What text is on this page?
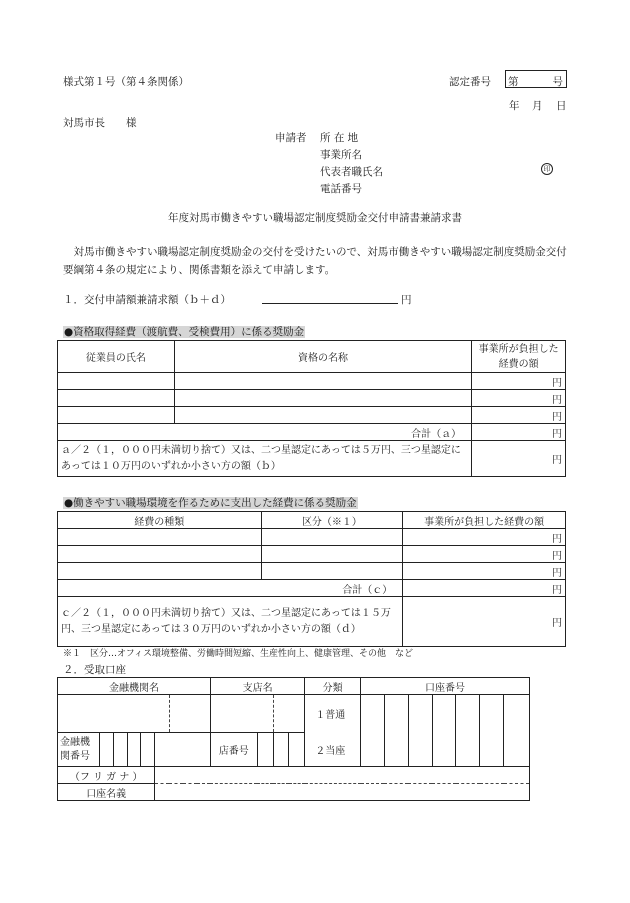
様式第１号（第４条関係）	認定番号 第	号
年 月 日
対馬市長　　様
申請者 所 在 地
事業所名
代表者職氏名	印
電話番号
年度対馬市働きやすい職場認定制度奨励金交付申請書兼請求書
　対馬市働きやすい職場認定制度奨励金の交付を受けたいので、対馬市働きやすい職場認定制度奨励金交付要綱第４条の規定により、関係書類を添えて申請します。
１．交付申請額兼請求額（ｂ＋ｄ）	円
●資格取得経費（渡航費、受検費用）に係る奨励金
従業員の氏名	資格の名称	事業所が負担した経費の額
		円
		円
		円
合計（ａ）		円
ａ／２（１，０００円未満切り捨て）又は、二つ星認定にあっては５万円、三つ星認定にあっては１０万円のいずれか小さい方の額（ｂ）		円
●働きやすい職場環境を作るために支出した経費に係る奨励金
経費の種類	区分（※１）	事業所が負担した経費の額
		円
		円
		円
合計（ｃ）		円
ｃ／２（１，０００円未満切り捨て）又は、二つ星認定にあっては１５万円、三つ星認定にあっては３０万円のいずれか小さい方の額（ｄ）		円
※１　区分…オフィス環境整備、労働時間短縮、生産性向上、健康管理、その他　など
２．受取口座
金融機関名						支店名				分類	口座番号						

									１普通							
金融機関番号						店番号				２当座							
（フ リ ガ ナ ）																	
口座名義																	
